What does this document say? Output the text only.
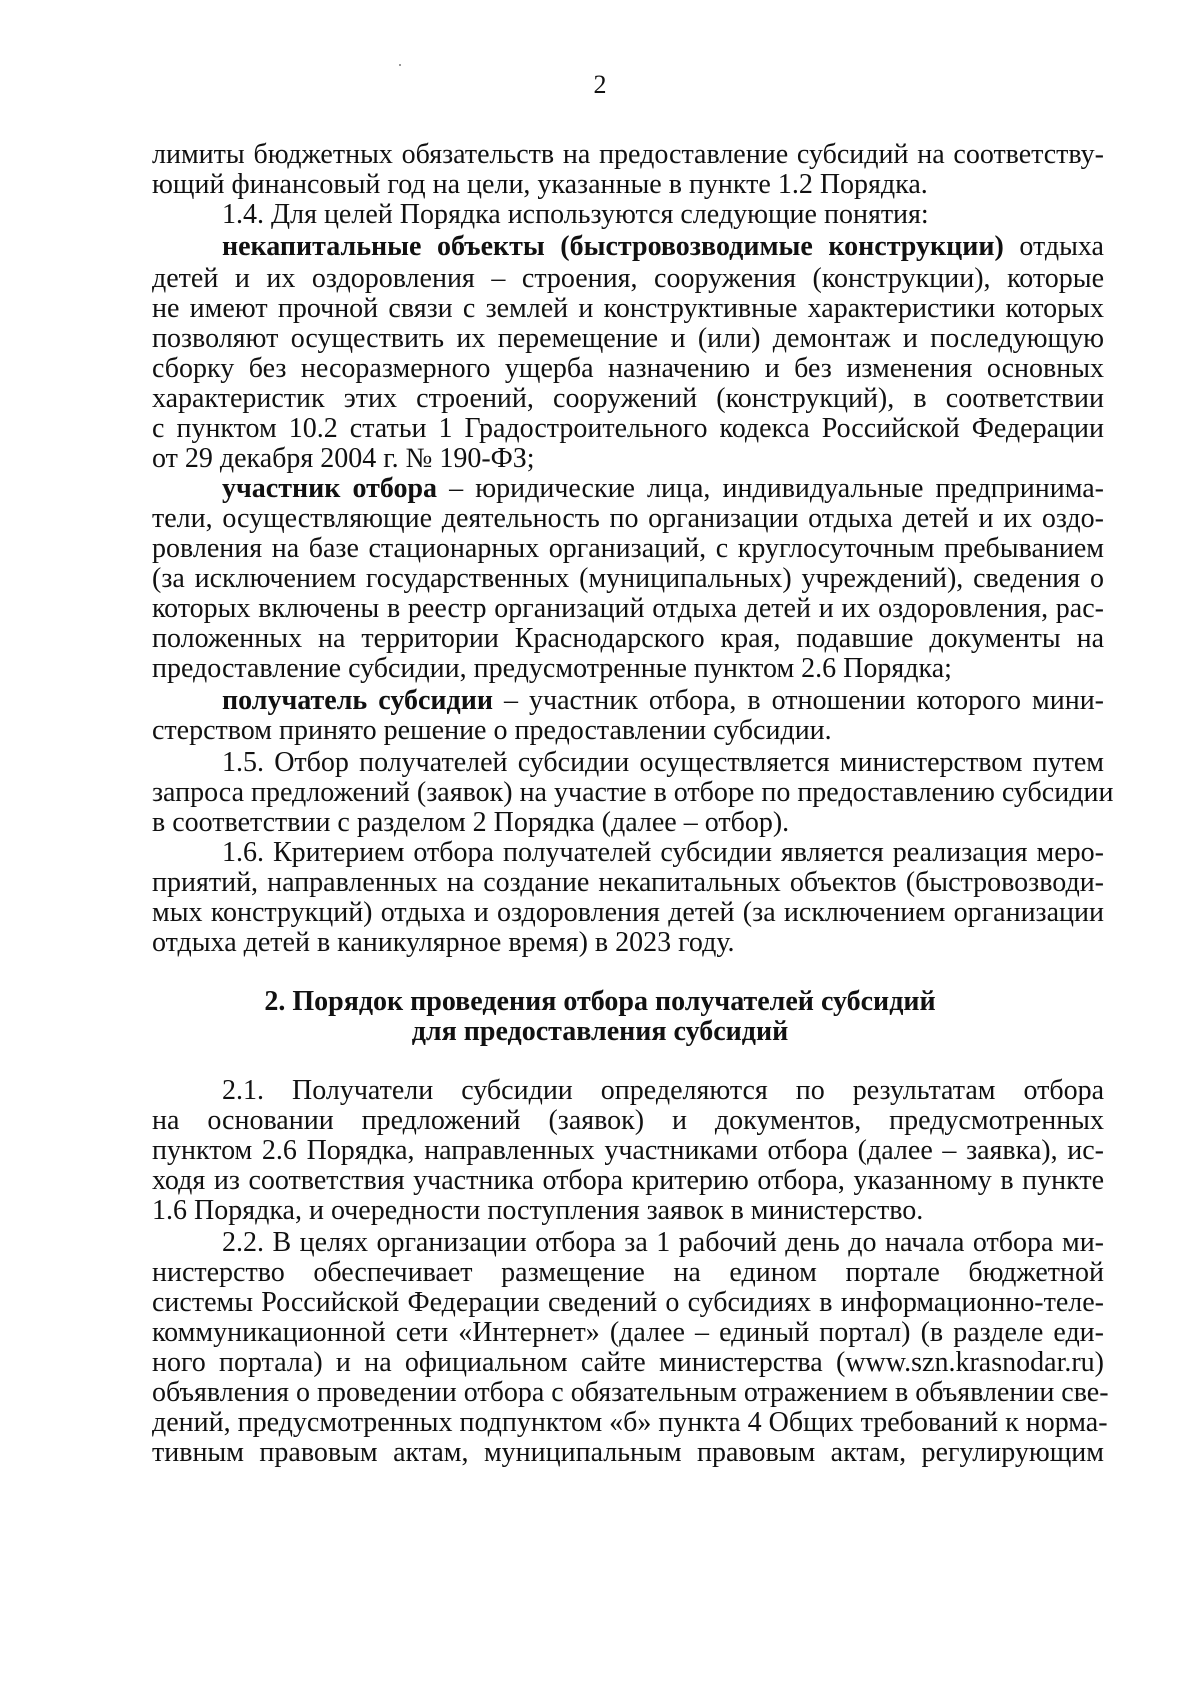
2
лимиты бюджетных обязательств на предоставление субсидий на соответству-
ющий финансовый год на цели, указанные в пункте 1.2 Порядка.
1.4. Для целей Порядка используются следующие понятия:
некапитальные объекты (быстровозводимые конструкции) отдыха
детей и их оздоровления – строения, сооружения (конструкции), которые
не имеют прочной связи с землей и конструктивные характеристики которых
позволяют осуществить их перемещение и (или) демонтаж и последующую
сборку без несоразмерного ущерба назначению и без изменения основных
характеристик этих строений, сооружений (конструкций), в соответствии
с пунктом 10.2 статьи 1 Градостроительного кодекса Российской Федерации
от 29 декабря 2004 г. № 190-ФЗ;
участник отбора – юридические лица, индивидуальные предпринима-
тели, осуществляющие деятельность по организации отдыха детей и их оздо-
ровления на базе стационарных организаций, с круглосуточным пребыванием
(за исключением государственных (муниципальных) учреждений), сведения о
которых включены в реестр организаций отдыха детей и их оздоровления, рас-
положенных на территории Краснодарского края, подавшие документы на
предоставление субсидии, предусмотренные пунктом 2.6 Порядка;
получатель субсидии – участник отбора, в отношении которого мини-
стерством принято решение о предоставлении субсидии.
1.5. Отбор получателей субсидии осуществляется министерством путем
запроса предложений (заявок) на участие в отборе по предоставлению субсидии
в соответствии с разделом 2 Порядка (далее – отбор).
1.6. Критерием отбора получателей субсидии является реализация меро-
приятий, направленных на создание некапитальных объектов (быстровозводи-
мых конструкций) отдыха и оздоровления детей (за исключением организации
отдыха детей в каникулярное время) в 2023 году.
2. Порядок проведения отбора получателей субсидий
для предоставления субсидий
2.1. Получатели субсидии определяются по результатам отбора
на основании предложений (заявок) и документов, предусмотренных
пунктом 2.6 Порядка, направленных участниками отбора (далее – заявка), ис-
ходя из соответствия участника отбора критерию отбора, указанному в пункте
1.6 Порядка, и очередности поступления заявок в министерство.
2.2. В целях организации отбора за 1 рабочий день до начала отбора ми-
нистерство обеспечивает размещение на едином портале бюджетной
системы Российской Федерации сведений о субсидиях в информационно-теле-
коммуникационной сети «Интернет» (далее – единый портал) (в разделе еди-
ного портала) и на официальном сайте министерства (www.szn.krasnodar.ru)
объявления о проведении отбора с обязательным отражением в объявлении све-
дений, предусмотренных подпунктом «б» пункта 4 Общих требований к норма-
тивным правовым актам, муниципальным правовым актам, регулирующим
